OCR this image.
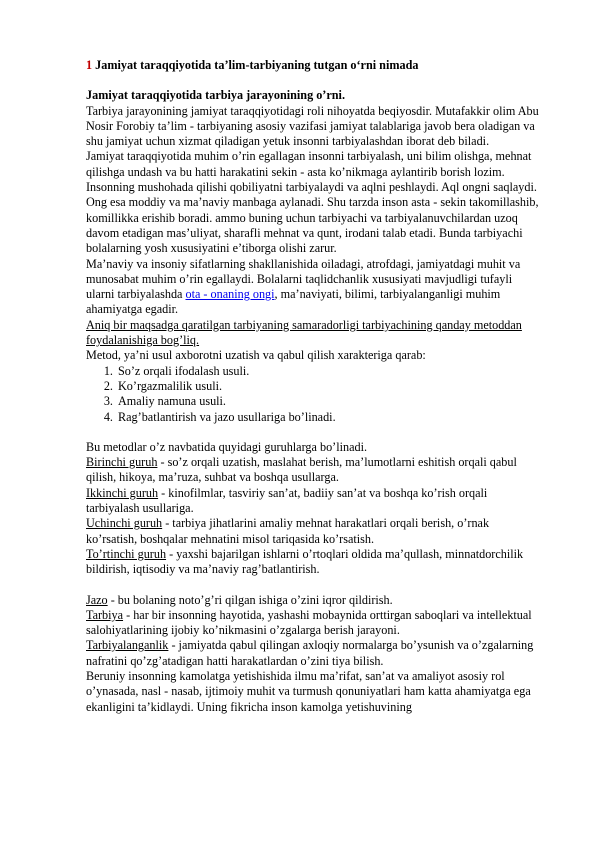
1 Jamiyat taraqqiyotida ta’lim-tarbiyaning tutgan o‘rni nimada

Jamiyat taraqqiyotida tarbiya jarayonining o’rni.

Tarbiya jarayonining jamiyat taraqqiyotidagi roli nihoyatda beqiyosdir. Mutafakkir olim Abu Nosir Forobiy ta’lim - tarbiyaning asosiy vazifasi jamiyat talablariga javob bera oladigan va shu jamiyat uchun xizmat qiladigan yetuk insonni tarbiyalashdan iborat deb biladi.

Jamiyat taraqqiyotida muhim o’rin egallagan insonni tarbiyalash, uni bilim olishga, mehnat qilishga undash va bu hatti harakatini sekin - asta ko’nikmaga aylantirib borish lozim. Insonning mushohada qilishi qobiliyatni tarbiyalaydi va aqlni peshlaydi. Aql ongni saqlaydi. Ong esa moddiy va ma’naviy manbaga aylanadi. Shu tarzda inson asta - sekin takomillashib, komillikka erishib boradi. ammo buning uchun tarbiyachi va tarbiyalanuvchilardan uzoq davom etadigan mas’uliyat, sharafli mehnat va qunt, irodani talab etadi. Bunda tarbiyachi bolalarning yosh xususiyatini e’tiborga olishi zarur.

Ma’naviy va insoniy sifatlarning shakllanishida oiladagi, atrofdagi, jamiyatdagi muhit va munosabat muhim o’rin egallaydi. Bolalarni taqlidchanlik xususiyati mavjudligi tufayli ularni tarbiyalashda ota - onaning ongi, ma’naviyati, bilimi, tarbiyalanganligi muhim ahamiyatga egadir.

Aniq bir maqsadga qaratilgan tarbiyaning samaradorligi tarbiyachining qanday metoddan foydalanishiga bog’liq.

Metod, ya’ni usul axborotni uzatish va qabul qilish xarakteriga qarab:

1. So’z orqali ifodalash usuli.
2. Ko’rgazmalilik usuli.
3. Amaliy namuna usuli.
4. Rag’batlantirish va jazo usullariga bo’linadi.

Bu metodlar o’z navbatida quyidagi guruhlarga bo’linadi.

Birinchi guruh - so’z orqali uzatish, maslahat berish, ma’lumotlarni eshitish orqali qabul qilish, hikoya, ma’ruza, suhbat va boshqa usullarga.

Ikkinchi guruh - kinofilmlar, tasviriy san’at, badiiy san’at va boshqa ko’rish orqali tarbiyalash usullariga.

Uchinchi guruh - tarbiya jihatlarini amaliy mehnat harakatlari orqali berish, o’rnak ko’rsatish, boshqalar mehnatini misol tariqasida ko’rsatish.

To’rtinchi guruh - yaxshi bajarilgan ishlarni o’rtoqlari oldida ma’qullash, minnatdorchilik bildirish, iqtisodiy va ma’naviy rag’batlantirish.

Jazo - bu bolaning noto’g’ri qilgan ishiga o’zini iqror qildirish.

Tarbiya - har bir insonning hayotida, yashashi mobaynida orttirgan saboqlari va intellektual salohiyatlarining ijobiy ko’nikmasini o’zgalarga berish jarayoni.

Tarbiyalanganlik - jamiyatda qabul qilingan axloqiy normalarga bo’ysunish va o’zgalarning nafratini qo’zg’atadigan hatti harakatlardan o’zini tiya bilish.

Beruniy insonning kamolatga yetishishida ilmu ma’rifat, san’at va amaliyot asosiy rol o’ynasada, nasl - nasab, ijtimoiy muhit va turmush qonuniyatlari ham katta ahamiyatga ega ekanligini ta’kidlaydi. Uning fikricha inson kamolga yetishuvining
